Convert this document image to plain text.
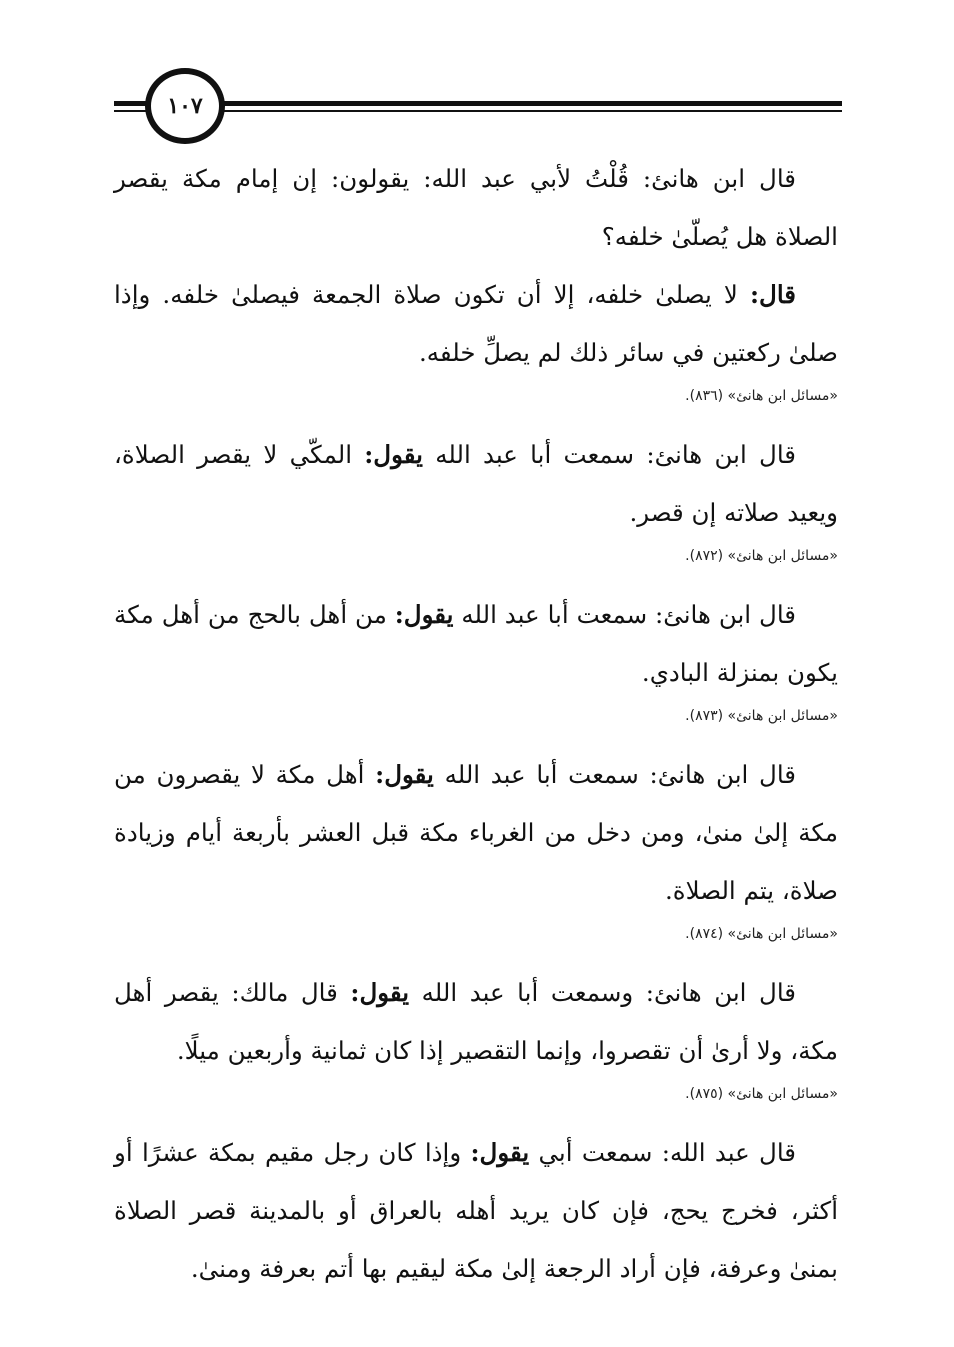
١٠٧

قال ابن هانئ: قُلْتُ لأبي عبد الله: يقولون: إن إمام مكة يقصر الصلاة هل يُصلّىٰ خلفه؟

قال: لا يصلىٰ خلفه، إلا أن تكون صلاة الجمعة فيصلىٰ خلفه. وإذا صلىٰ ركعتين في سائر ذلك لم يصلِّ خلفه.

«مسائل ابن هانئ» (٨٣٦).

قال ابن هانئ: سمعت أبا عبد الله يقول: المكّي لا يقصر الصلاة، ويعيد صلاته إن قصر.

«مسائل ابن هانئ» (٨٧٢).

قال ابن هانئ: سمعت أبا عبد الله يقول: من أهل بالحج من أهل مكة يكون بمنزلة البادي.

«مسائل ابن هانئ» (٨٧٣).

قال ابن هانئ: سمعت أبا عبد الله يقول: أهل مكة لا يقصرون من مكة إلىٰ منىٰ، ومن دخل من الغرباء مكة قبل العشر بأربعة أيام وزيادة صلاة، يتم الصلاة.

«مسائل ابن هانئ» (٨٧٤).

قال ابن هانئ: وسمعت أبا عبد الله يقول: قال مالك: يقصر أهل مكة، ولا أرىٰ أن تقصروا، وإنما التقصير إذا كان ثمانية وأربعين ميلًا.

«مسائل ابن هانئ» (٨٧٥).

قال عبد الله: سمعت أبي يقول: وإذا كان رجل مقيم بمكة عشرًا أو أكثر، فخرج يحج، فإن كان يريد أهله بالعراق أو بالمدينة قصر الصلاة بمنىٰ وعرفة، فإن أراد الرجعة إلىٰ مكة ليقيم بها أتم بعرفة ومنىٰ.
